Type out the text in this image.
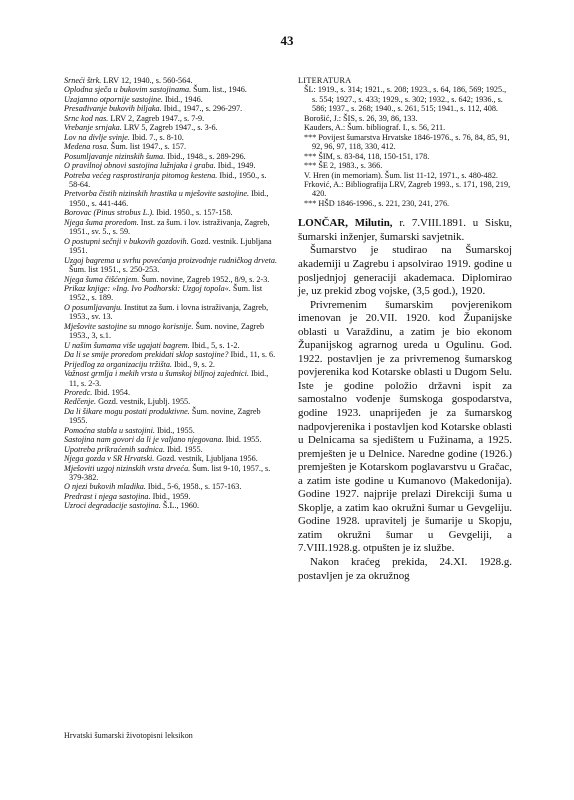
43
Srneći štrk. LRV 12, 1940., s. 560-564.
Oplodna sječa u bukovim sastojinama. Šum. list., 1946.
Uzajamno otpornije sastojine. Ibid., 1946.
Presađivanje bukovih biljaka. Ibid., 1947., s. 296-297.
Srnc kod nas. LRV 2, Zagreb 1947., s. 7-9.
Vrebanje srnjaka. LRV 5, Zagreb 1947., s. 3-6.
Lov na divlje svinje. Ibid. 7., s. 8-10.
Medena rosa. Šum. list 1947., s. 157.
Posumljavanje nizinskih šuma. Ibid., 1948., s. 289-296.
O pravilnoj obnovi sastojina lužnjaka i graba. Ibid., 1949.
Potreba većeg rasprostiranja pitomog kestena. Ibid., 1950., s. 58-64.
Pretvorba čistih nizinskih hrastika u mješovite sastojine. Ibid., 1950., s. 441-446.
Borovac (Pinus strobus L.). Ibid. 1950., s. 157-158.
Njega šuma proredom. Inst. za šum. i lov. istraživanja, Zagreb, 1951., sv. 5., s. 59.
O postupni sečnji v bukovih gozdovih. Gozd. vestnik. Ljubljana 1951.
Uzgoj bagrema u svrhu povećanja proizvodnje rudničkog drveta. Šum. list 1951., s. 250-253.
Njega šuma čišćenjem. Šum. novine, Zagreb 1952., 8/9, s. 2-3.
Prikaz knjige: »Ing. Ivo Podhorski: Uzgoj topola«. Šum. list 1952., s. 189.
O posumljavanju. Institut za šum. i lovna istraživanja, Zagreb, 1953., sv. 13.
Mješovite sastojine su mnogo korisnije. Šum. novine, Zagreb 1953., 3, s.1.
U našim šumama više ugajati bagrem. Ibid., 5, s. 1-2.
Da li se smije proredom prekidati sklop sastojine? Ibid., 11, s. 6.
Prijedlog za organizaciju tržišta. Ibid., 9, s. 2.
Važnost grmlja i mekih vrsta u šumskoj biljnoj zajednici. Ibid., 11, s. 2-3.
Proredc. Ibid. 1954.
Redčenje. Gozd. vestnik, Ljublj. 1955.
Da li šikare mogu postati produktivne. Šum. novine, Zagreb 1955.
Pomoćna stabla u sastojini. Ibid., 1955.
Sastojina nam govori da li je valjano njegovana. Ibid. 1955.
Upotreba prikraćenih sadnica. Ibid. 1955.
Njega gozda v SR Hrvatski. Gozd. vestnik, Ljubljana 1956.
Mješoviti uzgoj nizinskih vrsta drveća. Šum. list 9-10, 1957., s. 379-382.
O njezi bukovih mladika. Ibid., 5-6, 1958., s. 157-163.
Predrast i njega sastojina. Ibid., 1959.
Uzroci degradacije sastojina. Š.L., 1960.
LITERATURA
ŠL: 1919., s. 314; 1921., s. 208; 1923., s. 64, 186, 569; 1925., s. 554; 1927., s. 433; 1929., s. 302; 1932., s. 642; 1936., s. 586; 1937., s. 268; 1940., s. 261, 515; 1941., s. 112, 408.
Borošić, J.: ŠIS, s. 26, 39, 86, 133.
Kauders, A.: Šum. bibliograf. I., s. 56, 211.
*** Povijest šumarstva Hrvatske 1846-1976., s. 76, 84, 85, 91, 92, 96, 97, 118, 330, 412.
*** ŠIM, s. 83-84, 118, 150-151, 178.
*** ŠE 2, 1983., s. 366.
V. Hren (in memoriam). Šum. list 11-12, 1971., s. 480-482.
Frković, A.: Bibliografija LRV, Zagreb 1993., s. 171, 198, 219, 420.
*** HŠD 1846-1996., s. 221, 230, 241, 276.

LONČAR, Milutin, r. 7.VIII.1891. u Sisku, šumarski inženjer, šumarski savjetnik.

Šumarstvo je studirao na Šumarskoj akademiji u Zagrebu i apsolvirao 1919. godine u posljednjoj generaciji akademaca. Diplomirao je, uz prekid zbog vojske, (3,5 god.), 1920.

Privremenim šumarskim povjerenikom imenovan je 20.VII. 1920. kod Županijske oblasti u Varaždinu, a zatim je bio ekonom Županijskog agrarnog ureda u Ogulinu. God. 1922. postavljen je za privremenog šumarskog povjerenika kod Kotarske oblasti u Dugom Selu. Iste je godine položio državni ispit za samostalno vođenje šumskoga gospodarstva, godine 1923. unaprijeđen je za šumarskog nadpovjerenika i postavljen kod Kotarske oblasti u Delnicama sa sjedištem u Fužinama, a 1925. premješten je u Delnice. Naredne godine (1926.) premješten je Kotarskom poglavarstvu u Gračac, a zatim iste godine u Kumanovo (Makedonija). Godine 1927. najprije prelazi Direkciji šuma u Skoplje, a zatim kao okružni šumar u Gevgeliju. Godine 1928. upravitelj je šumarije u Skopju, zatim okružni šumar u Gevgeliji, a 7.VIII.1928.g. otpušten je iz službe.

Nakon kraćeg prekida, 24.XI. 1928.g. postavljen je za okružnog

Hrvatski šumarski životopisni leksikon
